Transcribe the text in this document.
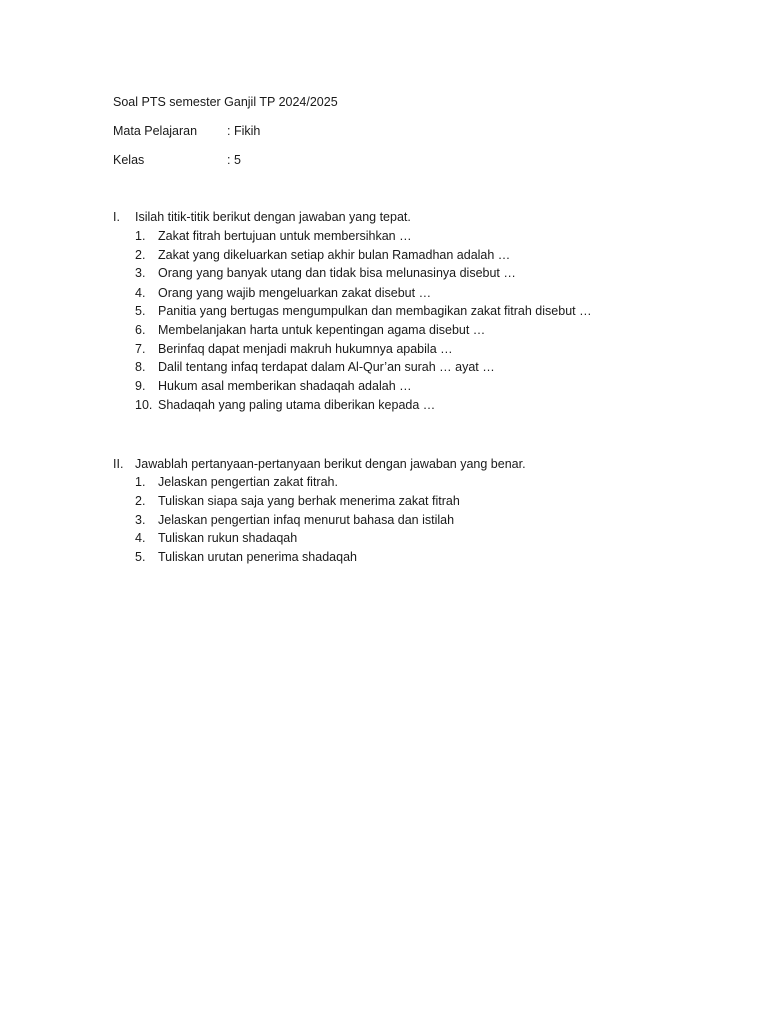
Soal PTS semester Ganjil TP 2024/2025
Mata Pelajaran : Fikih
Kelas	: 5
I. Isilah titik-titik berikut dengan jawaban yang tepat.
1.	Zakat fitrah bertujuan untuk membersihkan …
2.	Zakat yang dikeluarkan setiap akhir bulan Ramadhan adalah …
3.	Orang yang banyak utang dan tidak bisa melunasinya disebut …
4.	Orang yang wajib mengeluarkan zakat disebut …
5.	Panitia yang bertugas mengumpulkan dan membagikan zakat fitrah disebut …
6.	Membelanjakan harta untuk kepentingan agama disebut …
7.	Berinfaq dapat menjadi makruh hukumnya apabila …
8.	Dalil tentang infaq terdapat dalam Al-Qur’an surah … ayat …
9.	Hukum asal memberikan shadaqah adalah …
10. Shadaqah yang paling utama diberikan kepada …
II. Jawablah pertanyaan-pertanyaan berikut dengan jawaban yang benar.
1.	Jelaskan pengertian zakat fitrah.
2.	Tuliskan siapa saja yang berhak menerima zakat fitrah
3.	Jelaskan pengertian infaq menurut bahasa dan istilah
4.	Tuliskan rukun shadaqah
5.	Tuliskan urutan penerima shadaqah
